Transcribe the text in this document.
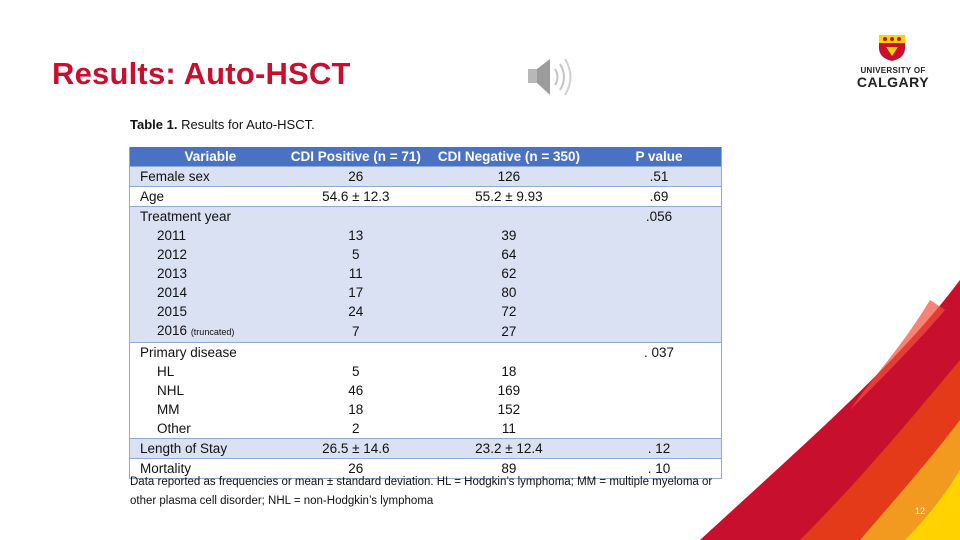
Results: Auto-HSCT	UNIVERSITY OF
CALGARY
Table 1. Results for Auto-HSCT.
Variable	CDI Positive (n = 71)	CDI Negative (n = 350)	P value
Female sex	26	126	.51
Age	54.6 ± 12.3	55.2 ± 9.93	.69
Treatment year			.056
2011	13	39	
2012	5	64	
2013	11	62	
2014	17	80	
2015	24	72	
2016 (truncated)	7	27	
Primary disease			. 037
HL	5	18	
NHL	46	169	
MM	18	152	
Other	2	11	
Length of Stay	26.5 ± 14.6	23.2 ± 12.4	. 12
Mortality	26	89	. 10
Data reported as frequencies or mean ± standard deviation. HL = Hodgkin’s lymphoma; MM = multiple myeloma or other plasma cell disorder; NHL = non-Hodgkin’s lymphoma
12
